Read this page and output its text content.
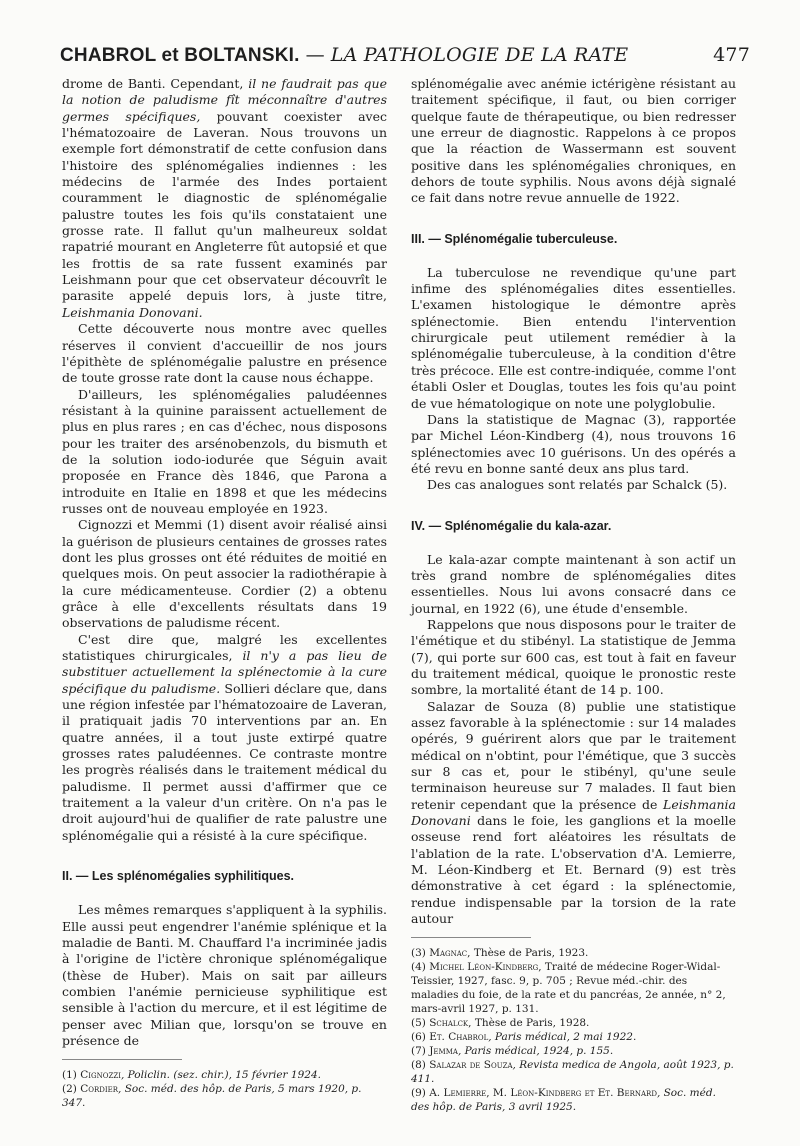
CHABROL et BOLTANSKI. — LA PATHOLOGIE DE LA RATE	477

drome de Banti. Cependant, il ne faudrait pas que la notion de paludisme fît méconnaître d'autres germes spécifiques, pouvant coexister avec l'hématozoaire de Laveran. Nous trouvons un exemple fort démonstratif de cette confusion dans l'histoire des splénomégalies indiennes : les médecins de l'armée des Indes portaient couramment le diagnostic de splénomégalie palustre toutes les fois qu'ils constataient une grosse rate. Il fallut qu'un malheureux soldat rapatrié mourant en Angleterre fût autopsié et que les frottis de sa rate fussent examinés par Leishmann pour que cet observateur découvrît le parasite appelé depuis lors, à juste titre, Leishmania Donovani.

Cette découverte nous montre avec quelles réserves il convient d'accueillir de nos jours l'épithète de splénomégalie palustre en présence de toute grosse rate dont la cause nous échappe.

D'ailleurs, les splénomégalies paludéennes résistant à la quinine paraissent actuellement de plus en plus rares ; en cas d'échec, nous disposons pour les traiter des arsénobenzols, du bismuth et de la solution iodo-iodurée que Séguin avait proposée en France dès 1846, que Parona a introduite en Italie en 1898 et que les médecins russes ont de nouveau employée en 1923.

Cignozzi et Memmi (1) disent avoir réalisé ainsi la guérison de plusieurs centaines de grosses rates dont les plus grosses ont été réduites de moitié en quelques mois. On peut associer la radiothérapie à la cure médicamenteuse. Cordier (2) a obtenu grâce à elle d'excellents résultats dans 19 observations de paludisme récent.

C'est dire que, malgré les excellentes statistiques chirurgicales, il n'y a pas lieu de substituer actuellement la splénectomie à la cure spécifique du paludisme. Sollieri déclare que, dans une région infestée par l'hématozoaire de Laveran, il pratiquait jadis 70 interventions par an. En quatre années, il a tout juste extirpé quatre grosses rates paludéennes. Ce contraste montre les progrès réalisés dans le traitement médical du paludisme. Il permet aussi d'affirmer que ce traitement a la valeur d'un critère. On n'a pas le droit aujourd'hui de qualifier de rate palustre une splénomégalie qui a résisté à la cure spécifique.

II. — Les splénomégalies syphilitiques.

Les mêmes remarques s'appliquent à la syphilis. Elle aussi peut engendrer l'anémie splénique et la maladie de Banti. M. Chauffard l'a incriminée jadis à l'origine de l'ictère chronique splénomégalique (thèse de Huber). Mais on sait par ailleurs combien l'anémie pernicieuse syphilitique est sensible à l'action du mercure, et il est légitime de penser avec Milian que, lorsqu'on se trouve en présence de

(1) Cignozzi, Policlin. (sez. chir.), 15 février 1924.

(2) Cordier, Soc. méd. des hôp. de Paris, 5 mars 1920, p. 347.

splénomégalie avec anémie ictérigène résistant au traitement spécifique, il faut, ou bien corriger quelque faute de thérapeutique, ou bien redresser une erreur de diagnostic. Rappelons à ce propos que la réaction de Wassermann est souvent positive dans les splénomégalies chroniques, en dehors de toute syphilis. Nous avons déjà signalé ce fait dans notre revue annuelle de 1922.

III. — Splénomégalie tuberculeuse.

La tuberculose ne revendique qu'une part infime des splénomégalies dites essentielles. L'examen histologique le démontre après splénectomie. Bien entendu l'intervention chirurgicale peut utilement remédier à la splénomégalie tuberculeuse, à la condition d'être très précoce. Elle est contre-indiquée, comme l'ont établi Osler et Douglas, toutes les fois qu'au point de vue hématologique on note une polyglobulie.

Dans la statistique de Magnac (3), rapportée par Michel Léon-Kindberg (4), nous trouvons 16 splénectomies avec 10 guérisons. Un des opérés a été revu en bonne santé deux ans plus tard.

Des cas analogues sont relatés par Schalck (5).

IV. — Splénomégalie du kala-azar.

Le kala-azar compte maintenant à son actif un très grand nombre de splénomégalies dites essentielles. Nous lui avons consacré dans ce journal, en 1922 (6), une étude d'ensemble.

Rappelons que nous disposons pour le traiter de l'émétique et du stibényl. La statistique de Jemma (7), qui porte sur 600 cas, est tout à fait en faveur du traitement médical, quoique le pronostic reste sombre, la mortalité étant de 14 p. 100.

Salazar de Souza (8) publie une statistique assez favorable à la splénectomie : sur 14 malades opérés, 9 guérirent alors que par le traitement médical on n'obtint, pour l'émétique, que 3 succès sur 8 cas et, pour le stibényl, qu'une seule terminaison heureuse sur 7 malades. Il faut bien retenir cependant que la présence de Leishmania Donovani dans le foie, les ganglions et la moelle osseuse rend fort aléatoires les résultats de l'ablation de la rate. L'observation d'A. Lemierre, M. Léon-Kindberg et Et. Bernard (9) est très démonstrative à cet égard : la splénectomie, rendue indispensable par la torsion de la rate autour

(3) Magnac, Thèse de Paris, 1923.

(4) Michel Léon-Kindberg, Traité de médecine Roger-Widal-Teissier, 1927, fasc. 9, p. 705 ; Revue méd.-chir. des maladies du foie, de la rate et du pancréas, 2e année, n° 2, mars-avril 1927, p. 131.

(5) Schalck, Thèse de Paris, 1928.

(6) Et. Chabrol, Paris médical, 2 mai 1922.

(7) Jemma, Paris médical, 1924, p. 155.

(8) Salazar de Souza, Revista medica de Angola, août 1923, p. 411.

(9) A. Lemierre, M. Léon-Kindberg et Et. Bernard, Soc. méd. des hôp. de Paris, 3 avril 1925.
